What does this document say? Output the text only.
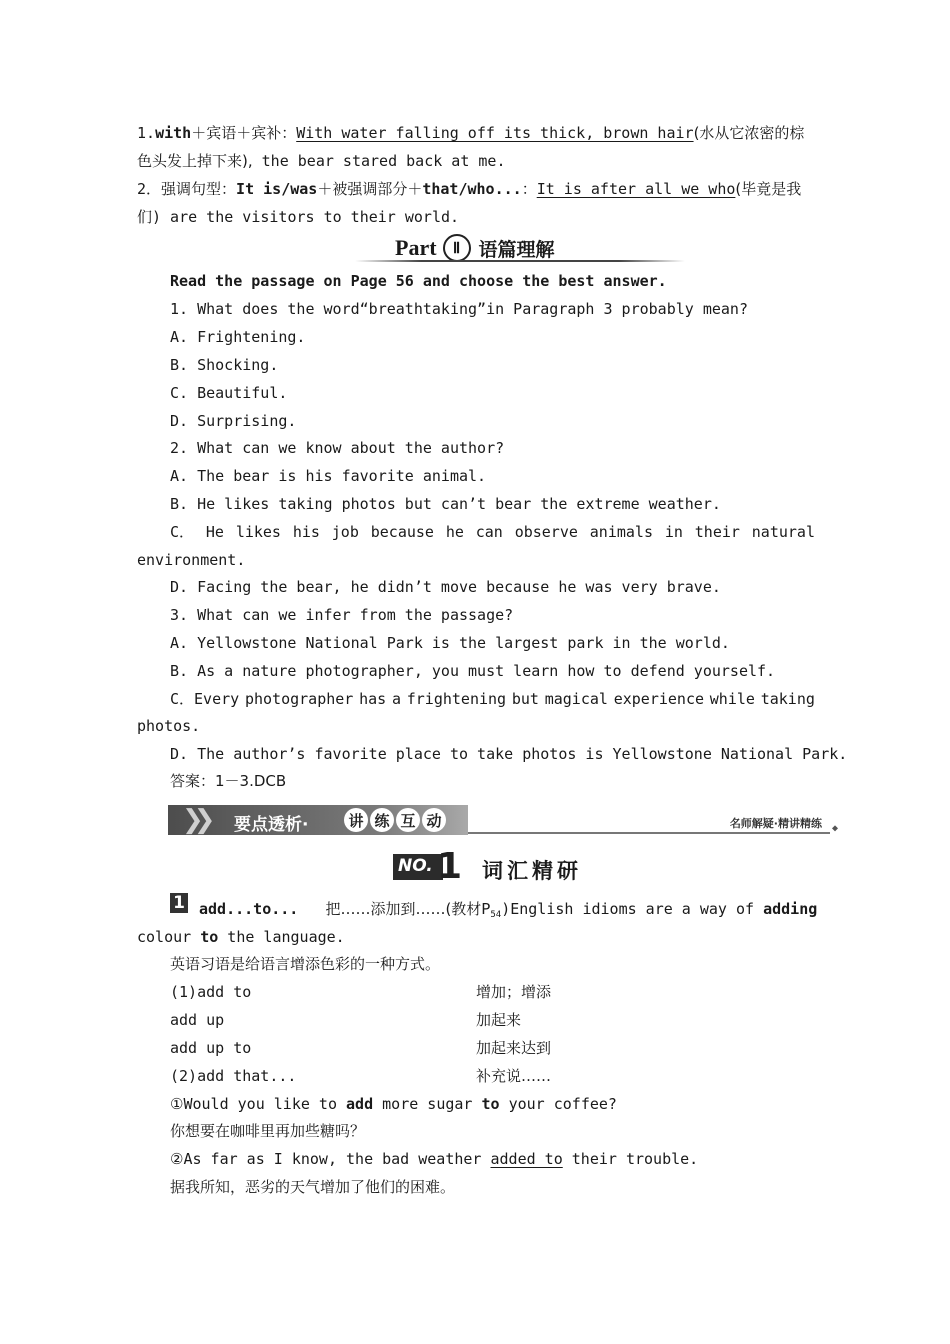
1.with＋宾语＋宾补：With water falling off its thick, brown hair(水从它浓密的棕
色头发上掉下来), the bear stared back at me.
2．强调句型：It is/was＋被强调部分＋that/who...：It is after all we who(毕竟是我
们) are the visitors to their world.
Part	Ⅱ 语篇理解
Read the passage on Page 56 and choose the best answer.
1. What does the word“breathtaking”in Paragraph 3 probably mean?
A. Frightening.
B. Shocking.
C. Beautiful.
D. Surprising.
2. What can we know about the author?
A. The bear is his favorite animal.
B. He likes taking photos but can’t bear the extreme weather.
C． He likes his job because he can observe animals in their natural
environment.
D. Facing the bear, he didn’t move because he was very brave.
3. What can we infer from the passage?
A. Yellowstone National Park is the largest park in the world.
B. As a nature photographer, you must learn how to defend yourself.
C．Every photographer has a frightening but magical experience while taking
photos.
D. The author’s favorite place to take photos is Yellowstone National Park.
答案：1－3.DCB
❯❯ 要点透析·	讲 练 互 动	名师解疑·精讲精练 ◆
NO. 1 词汇精研
1 add...to... 把……添加到……(教材$P_{54})English$ idioms are a way of adding
colour to the language.
英语习语是给语言增添色彩的一种方式。
(1)add to	增加；增添
add up	加起来
add up to	加起来达到
(2)add that...	补充说……
①Would you like to add more sugar to your coffee?
你想要在咖啡里再加些糖吗？
②As far as I know, the bad weather added to their trouble.
据我所知，恶劣的天气增加了他们的困难。
